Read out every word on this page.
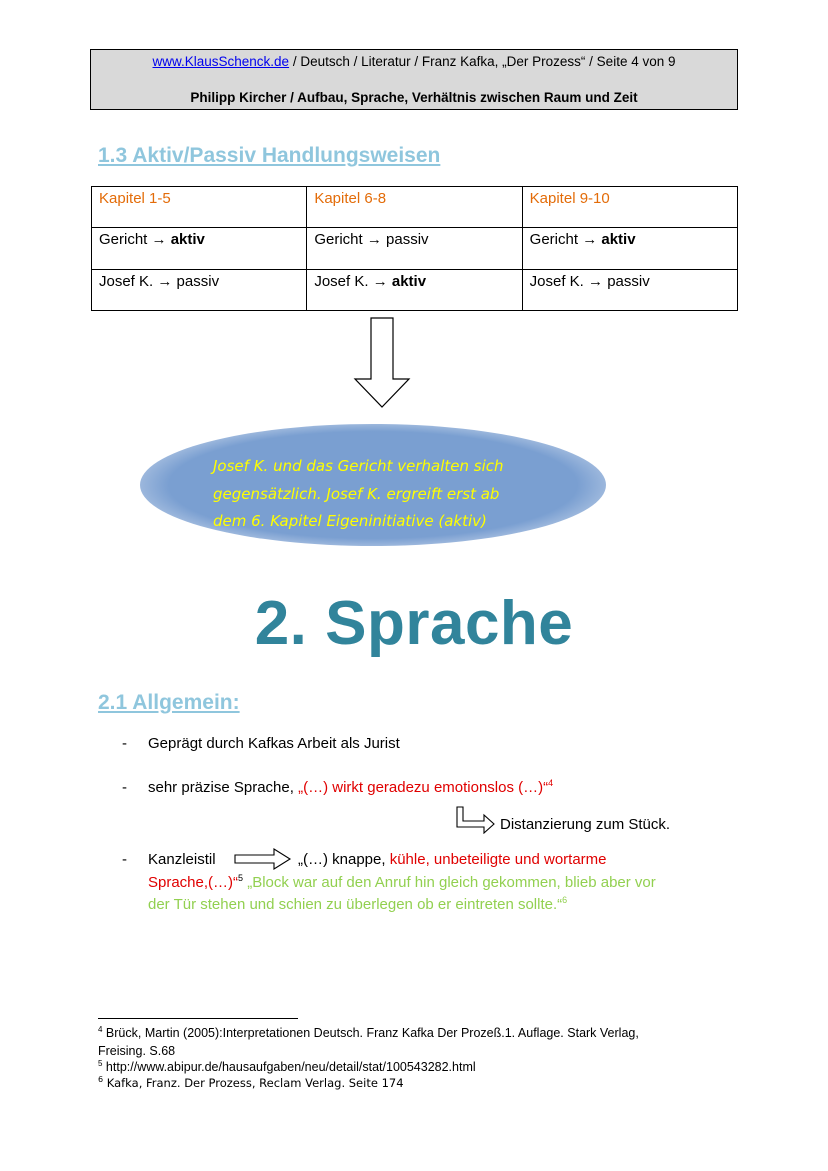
www.KlausSchenck.de / Deutsch / Literatur / Franz Kafka, „Der Prozess“ / Seite 4 von 9
Philipp Kircher / Aufbau, Sprache, Verhältnis zwischen Raum und Zeit
1.3 Aktiv/Passiv Handlungsweisen
Kapitel 1-5	Kapitel 6-8	Kapitel 9-10
Gericht → aktiv	Gericht → passiv	Gericht → aktiv
Josef K. → passiv	Josef K. → aktiv	Josef K. → passiv
Josef K. und das Gericht verhalten sich
gegensätzlich. Josef K. ergreift erst ab
dem 6. Kapitel Eigeninitiative (aktiv)
2. Sprache
2.1 Allgemein:
- Geprägt durch Kafkas Arbeit als Jurist
- sehr präzise Sprache, „(…) wirkt geradezu emotionslos (…)“$^4$
Distanzierung zum Stück.
- Kanzleistil	„(…) knappe, kühle, unbeteiligte und wortarme
Sprache,(…)“$^5$ „Block war auf den Anruf hin gleich gekommen, blieb aber vor
der Tür stehen und schien zu überlegen ob er eintreten sollte.“$^6$
$^4$ Brück, Martin (2005):Interpretationen Deutsch. Franz Kafka Der Prozeß.1. Auflage. Stark Verlag,
Freising. S.68
$^5$ http://www.abipur.de/hausaufgaben/neu/detail/stat/100543282.html
$^6$ Kafka, Franz. Der Prozess, Reclam Verlag. Seite 174
